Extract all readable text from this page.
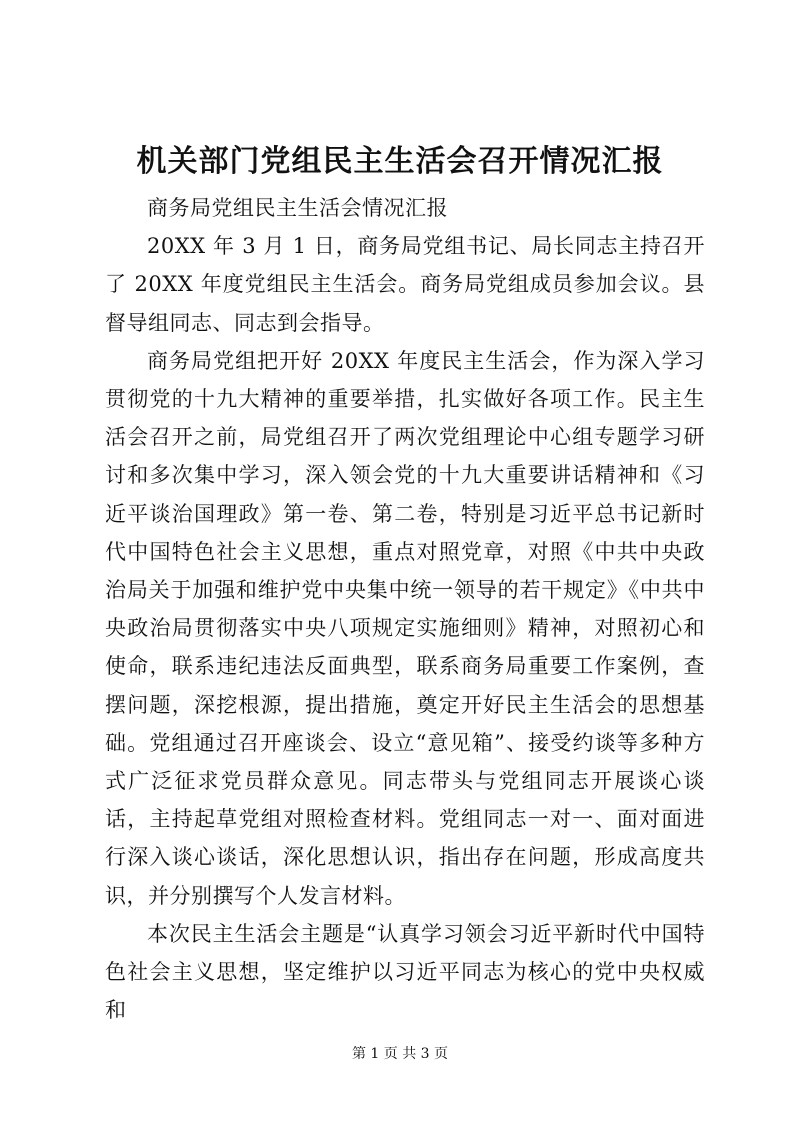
机关部门党组民主生活会召开情况汇报

商务局党组民主生活会情况汇报

20XX 年 3 月 1 日，商务局党组书记、局长同志主持召开了 20XX 年度党组民主生活会。商务局党组成员参加会议。县督导组同志、同志到会指导。

商务局党组把开好 20XX 年度民主生活会，作为深入学习贯彻党的十九大精神的重要举措，扎实做好各项工作。民主生活会召开之前，局党组召开了两次党组理论中心组专题学习研讨和多次集中学习，深入领会党的十九大重要讲话精神和《习近平谈治国理政》第一卷、第二卷，特别是习近平总书记新时代中国特色社会主义思想，重点对照党章，对照《中共中央政治局关于加强和维护党中央集中统一领导的若干规定》《中共中央政治局贯彻落实中央八项规定实施细则》精神，对照初心和使命，联系违纪违法反面典型，联系商务局重要工作案例，查摆问题，深挖根源，提出措施，奠定开好民主生活会的思想基础。党组通过召开座谈会、设立“意见箱”、接受约谈等多种方式广泛征求党员群众意见。同志带头与党组同志开展谈心谈话，主持起草党组对照检查材料。党组同志一对一、面对面进行深入谈心谈话，深化思想认识，指出存在问题，形成高度共识，并分别撰写个人发言材料。

本次民主生活会主题是“认真学习领会习近平新时代中国特色社会主义思想，坚定维护以习近平同志为核心的党中央权威和

第 1 页 共 3 页
